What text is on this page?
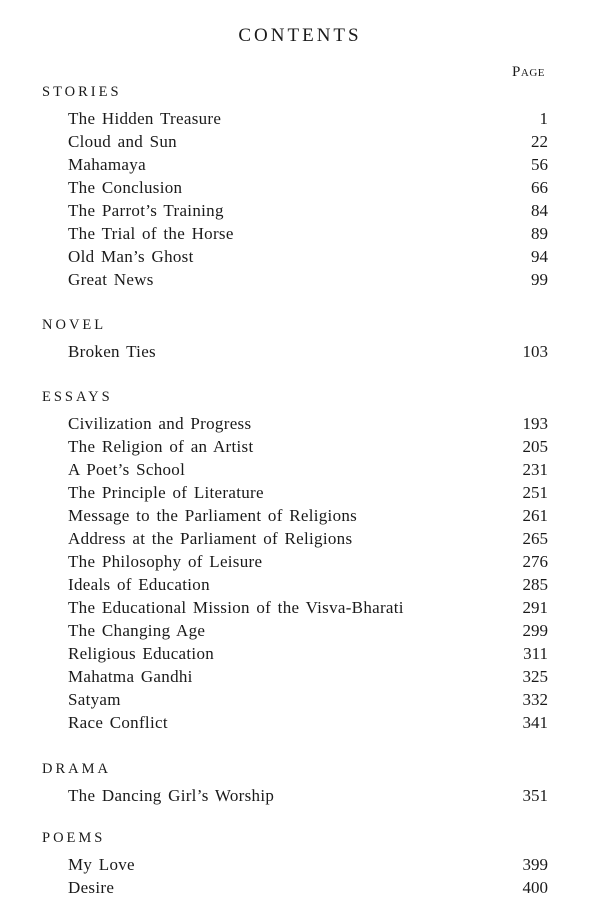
CONTENTS
Page
STORIES
The Hidden Treasure	1
Cloud and Sun	22
Mahamaya	56
The Conclusion	66
The Parrot’s Training	84
The Trial of the Horse	89
Old Man’s Ghost	94
Great News	99
NOVEL
Broken Ties	103
ESSAYS
Civilization and Progress	193
The Religion of an Artist	205
A Poet’s School	231
The Principle of Literature	251
Message to the Parliament of Religions	261
Address at the Parliament of Religions	265
The Philosophy of Leisure	276
Ideals of Education	285
The Educational Mission of the Visva-Bharati	291
The Changing Age	299
Religious Education	311
Mahatma Gandhi	325
Satyam	332
Race Conflict	341
DRAMA
The Dancing Girl’s Worship	351
POEMS
My Love	399
Desire	400
